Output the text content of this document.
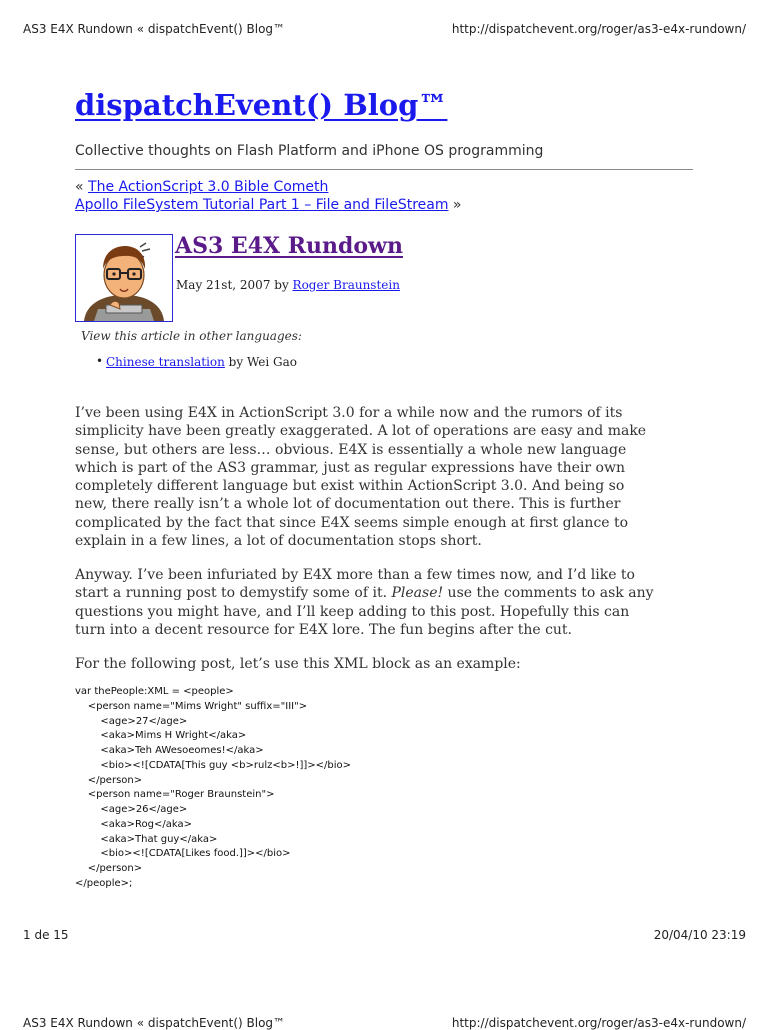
AS3 E4X Rundown « dispatchEvent() Blog™	http://dispatchevent.org/roger/as3-e4x-rundown/
dispatchEvent() Blog™
Collective thoughts on Flash Platform and iPhone OS programming
« The ActionScript 3.0 Bible Cometh
Apollo FileSystem Tutorial Part 1 – File and FileStream »
AS3 E4X Rundown
May 21st, 2007 by Roger Braunstein
View this article in other languages:
• Chinese translation by Wei Gao
I’ve been using E4X in ActionScript 3.0 for a while now and the rumors of its
simplicity have been greatly exaggerated. A lot of operations are easy and make
sense, but others are less… obvious. E4X is essentially a whole new language
which is part of the AS3 grammar, just as regular expressions have their own
completely different language but exist within ActionScript 3.0. And being so
new, there really isn’t a whole lot of documentation out there. This is further
complicated by the fact that since E4X seems simple enough at first glance to
explain in a few lines, a lot of documentation stops short.
Anyway. I’ve been infuriated by E4X more than a few times now, and I’d like to
start a running post to demystify some of it. Please! use the comments to ask any
questions you might have, and I’ll keep adding to this post. Hopefully this can
turn into a decent resource for E4X lore. The fun begins after the cut.
For the following post, let’s use this XML block as an example:
var thePeople:XML = <people>
<person name="Mims Wright" suffix="III">
<age>27</age>
<aka>Mims H Wright</aka>
<aka>Teh AWesoeomes!</aka>
<bio><![CDATA[This guy <b>rulz<b>!]]></bio>
</person>
<person name="Roger Braunstein">
<age>26</age>
<aka>Rog</aka>
<aka>That guy</aka>
<bio><![CDATA[Likes food.]]></bio>
</person>
</people>;
1 de 15	20/04/10 23:19
AS3 E4X Rundown « dispatchEvent() Blog™	http://dispatchevent.org/roger/as3-e4x-rundown/
